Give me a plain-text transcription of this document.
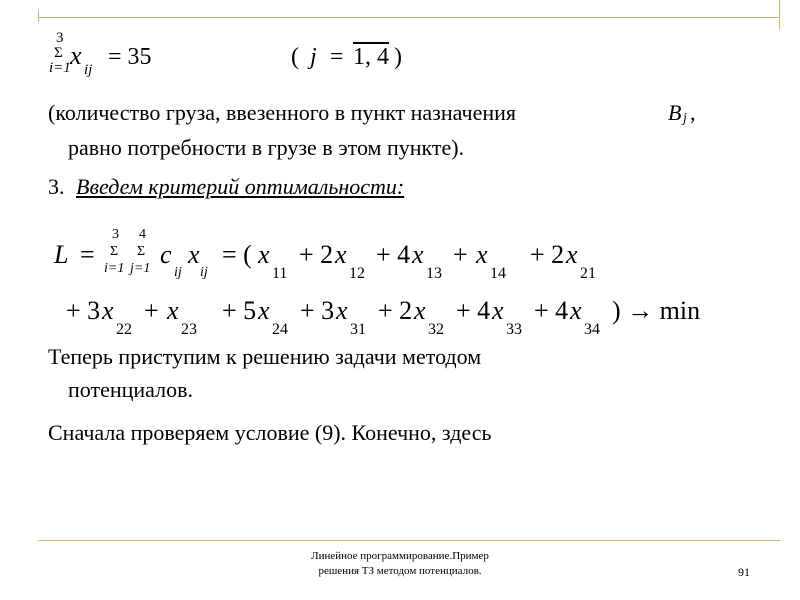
3
Σ
i=1 x ij = 35	( j = 1, 4 )
(количество груза, ввезенного в пункт назначения	B j ,
равно потребности в грузе в этом пункте).
3. Введем критерий оптимальности:
L =
3
Σ
i=1
4
Σ
j=1 c
ij
x
ij
= ( x
11
+ 2 x
12
+ 4 x
13
+ x
14
+ 2 x
21
+ 3 x
22
+ x
23
+ 5 x
24
+ 3 x
31
+ 2 x
32
+ 4 x
33
+ 4 x
34
) → min
Теперь приступим к решению задачи методом
потенциалов.
Сначала проверяем условие (9). Конечно, здесь
Линейное программирование.Пример
решения ТЗ методом потенциалов.	91
